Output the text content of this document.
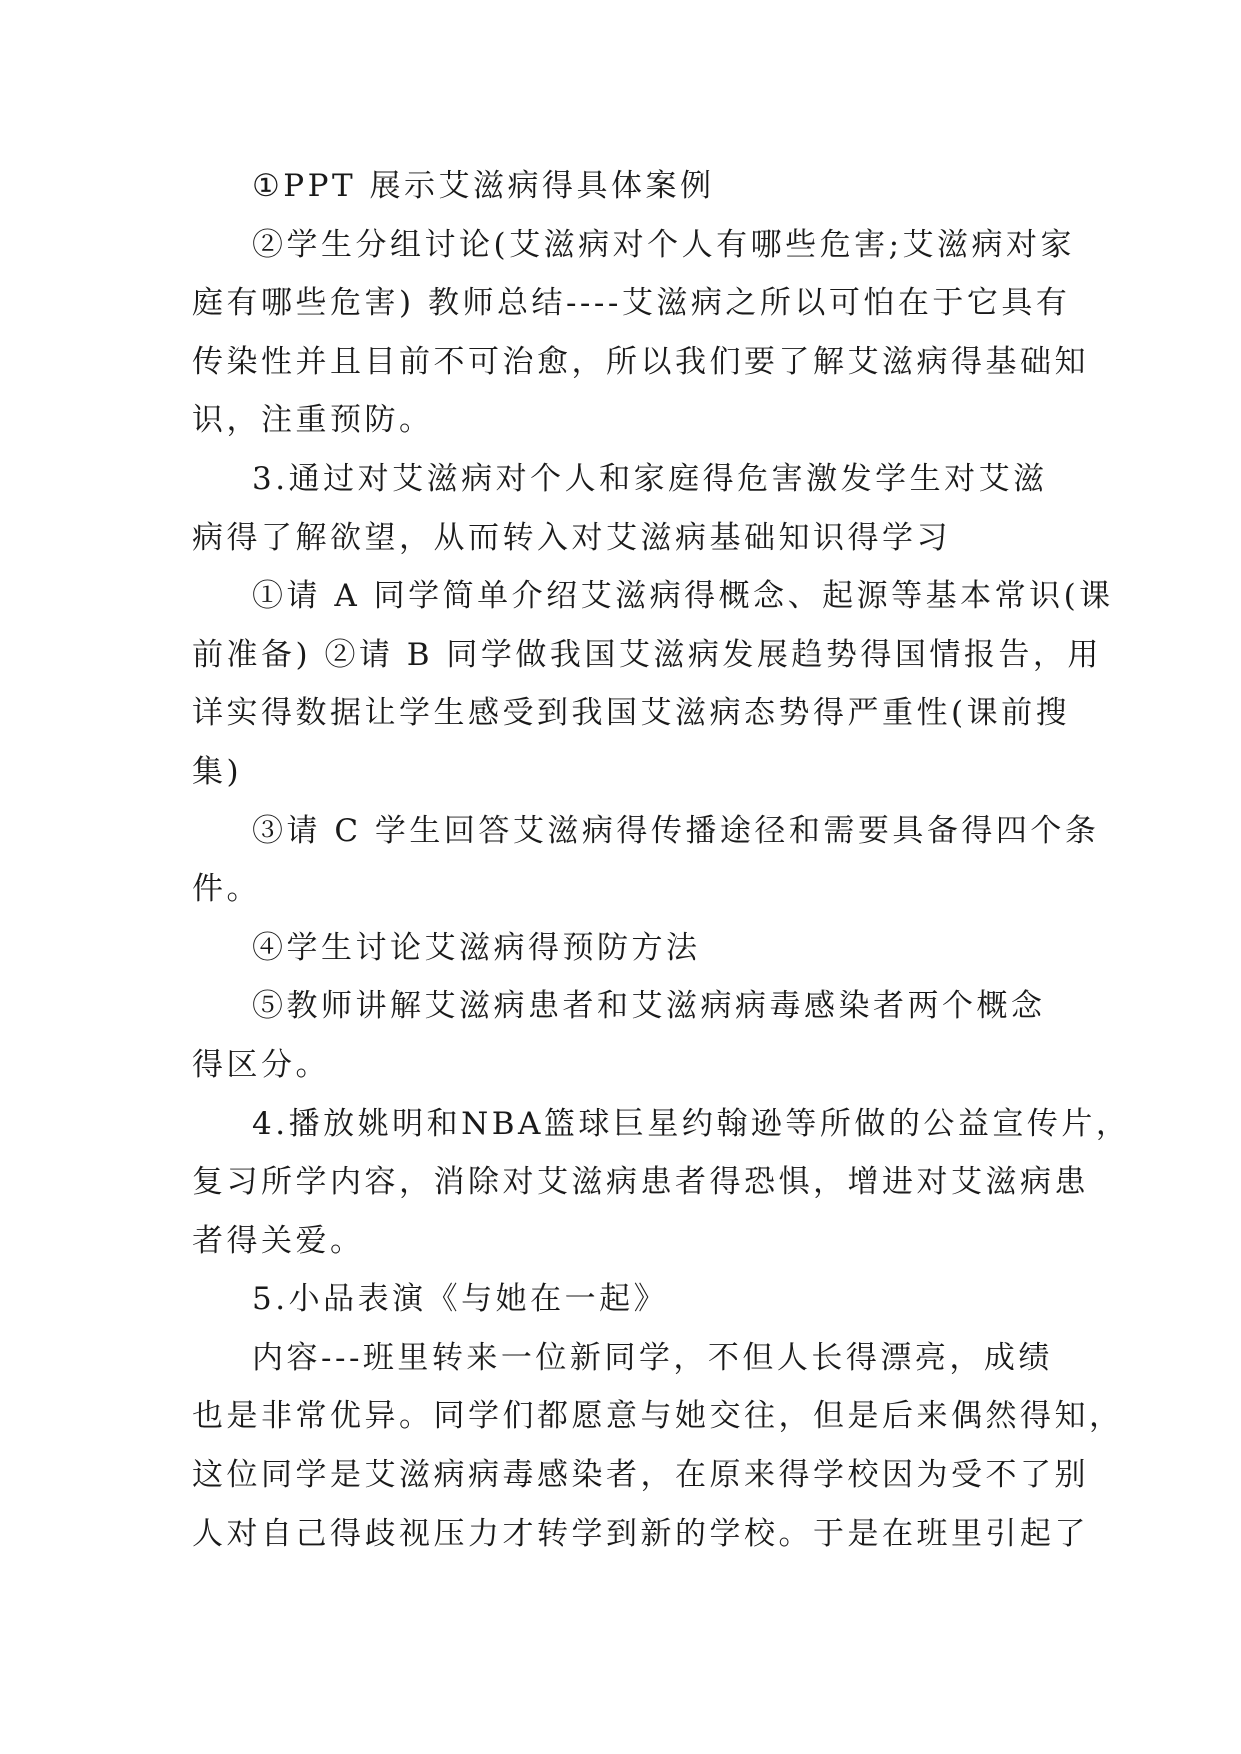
①PPT 展示艾滋病得具体案例
②学生分组讨论(艾滋病对个人有哪些危害;艾滋病对家
庭有哪些危害) 教师总结----艾滋病之所以可怕在于它具有
传染性并且目前不可治愈，所以我们要了解艾滋病得基础知
识，注重预防。
3.通过对艾滋病对个人和家庭得危害激发学生对艾滋
病得了解欲望，从而转入对艾滋病基础知识得学习
①请 A 同学简单介绍艾滋病得概念、起源等基本常识(课
前准备) ②请 B 同学做我国艾滋病发展趋势得国情报告，用
详实得数据让学生感受到我国艾滋病态势得严重性(课前搜
集)
③请 C 学生回答艾滋病得传播途径和需要具备得四个条
件。
④学生讨论艾滋病得预防方法
⑤教师讲解艾滋病患者和艾滋病病毒感染者两个概念
得区分。
4.播放姚明和NBA篮球巨星约翰逊等所做的公益宣传片，
复习所学内容，消除对艾滋病患者得恐惧，增进对艾滋病患
者得关爱。
5.小品表演《与她在一起》
内容---班里转来一位新同学，不但人长得漂亮，成绩
也是非常优异。同学们都愿意与她交往，但是后来偶然得知，
这位同学是艾滋病病毒感染者，在原来得学校因为受不了别
人对自己得歧视压力才转学到新的学校。于是在班里引起了
